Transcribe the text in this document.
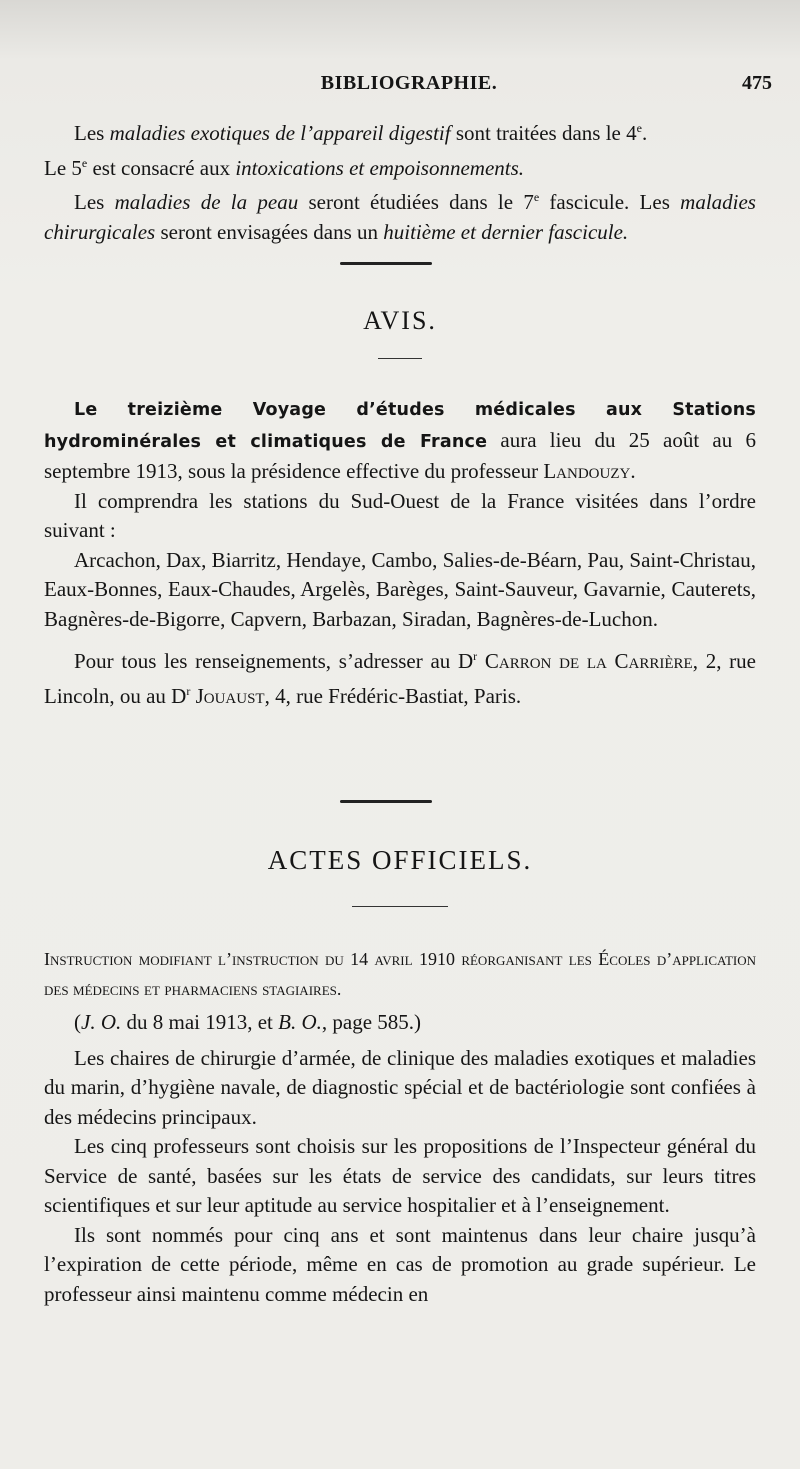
BIBLIOGRAPHIE.	475

Les maladies exotiques de l’appareil digestif sont traitées dans le 4e.

Le 5e est consacré aux intoxications et empoisonnements.

Les maladies de la peau seront étudiées dans le 7e fascicule. Les maladies chirurgicales seront envisagées dans un huitième et dernier fascicule.

AVIS.

Le treizième Voyage d’études médicales aux Stations hydrominérales et climatiques de France aura lieu du 25 août au 6 septembre 1913, sous la présidence effective du professeur Landouzy.

Il comprendra les stations du Sud-Ouest de la France visitées dans l’ordre suivant :

Arcachon, Dax, Biarritz, Hendaye, Cambo, Salies-de-Béarn, Pau, Saint-Christau, Eaux-Bonnes, Eaux-Chaudes, Argelès, Barèges, Saint-Sauveur, Gavarnie, Cauterets, Bagnères-de-Bigorre, Capvern, Barbazan, Siradan, Bagnères-de-Luchon.

Pour tous les renseignements, s’adresser au $D^r$ Carron de la Carrière, 2, rue Lincoln, ou au $D^r$ Jouaust, 4, rue Frédéric-Bastiat, Paris.

ACTES OFFICIELS.
Instruction modifiant l’instruction du 14 avril 1910 réorganisant les Écoles d’application des médecins et pharmaciens stagiaires.

(J. O. du 8 mai 1913, et B. O., page 585.)

Les chaires de chirurgie d’armée, de clinique des maladies exotiques et maladies du marin, d’hygiène navale, de diagnostic spécial et de bactériologie sont confiées à des médecins principaux.

Les cinq professeurs sont choisis sur les propositions de l’Inspecteur général du Service de santé, basées sur les états de service des candidats, sur leurs titres scientifiques et sur leur aptitude au service hospitalier et à l’enseignement.

Ils sont nommés pour cinq ans et sont maintenus dans leur chaire jusqu’à l’expiration de cette période, même en cas de promotion au grade supérieur. Le professeur ainsi maintenu comme médecin en
